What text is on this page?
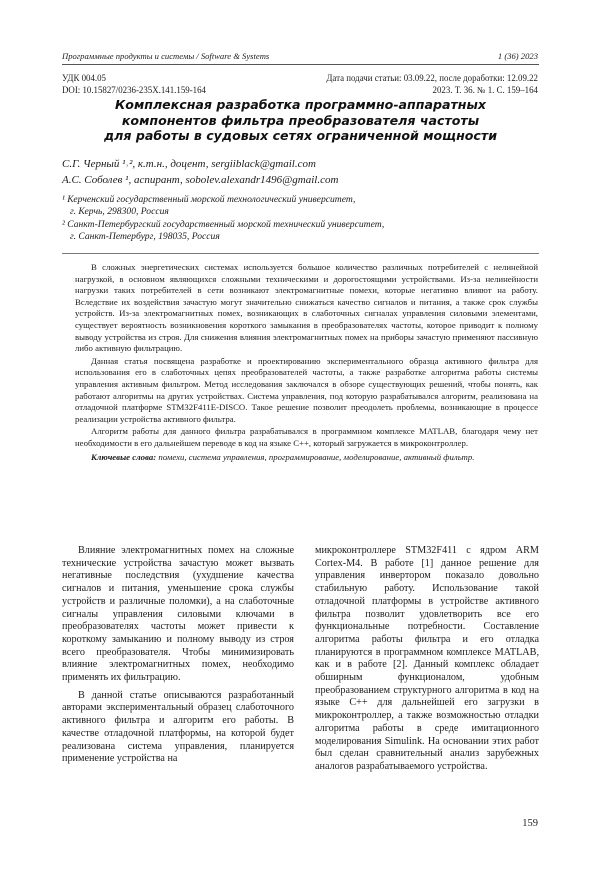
Программные продукты и системы / Software & Systems	1 (36) 2023
УДК 004.05
DOI: 10.15827/0236-235X.141.159-164
Дата подачи статьи: 03.09.22, после доработки: 12.09.22
2023. Т. 36. № 1. С. 159–164
Комплексная разработка программно-аппаратных
компонентов фильтра преобразователя частоты
для работы в судовых сетях ограниченной мощности
С.Г. Черный ¹˒², к.т.н., доцент, sergiiblack@gmail.com
А.С. Соболев ¹, аспирант, sobolev.alexandr1496@gmail.com
¹ Керченский государственный морской технологический университет,
г. Керчь, 298300, Россия
² Санкт-Петербургский государственный морской технический университет,
г. Санкт-Петербург, 198035, Россия

В сложных энергетических системах используется большое количество различных потребителей с нелинейной нагрузкой, в основном являющихся сложными техническими и дорогостоящими устройствами. Из-за нелинейности нагрузки таких потребителей в сети возникают электромагнитные помехи, которые негативно влияют на работу. Вследствие их воздействия зачастую могут значительно снижаться качество сигналов и питания, а также срок службы устройств. Из-за электромагнитных помех, возникающих в слаботочных сигналах управления силовыми элементами, существует вероятность возникновения короткого замыкания в преобразователях частоты, которое приводит к полному выводу устройства из строя. Для снижения влияния электромагнитных помех на приборы зачастую применяют пассивную либо активную фильтрацию.

Данная статья посвящена разработке и проектированию экспериментального образца активного фильтра для использования его в слаботочных цепях преобразователей частоты, а также разработке алгоритма работы системы управления активным фильтром. Метод исследования заключался в обзоре существующих решений, чтобы понять, как работают алгоритмы на других устройствах. Система управления, под которую разрабатывался алгоритм, реализована на отладочной платформе STM32F411E-DISCO. Такое решение позволит преодолеть проблемы, возникающие в процессе реализации устройства активного фильтра.

Алгоритм работы для данного фильтра разрабатывался в программном комплексе MATLAB, благодаря чему нет необходимости в его дальнейшем переводе в код на языке C++, который загружается в микроконтроллер.

Ключевые слова: помехи, система управления, программирование, моделирование, активный фильтр.

Влияние электромагнитных помех на сложные технические устройства зачастую может вызвать негативные последствия (ухудшение качества сигналов и питания, уменьшение срока службы устройств и различные поломки), а на слаботочные сигналы управления силовыми ключами в преобразователях частоты может привести к короткому замыканию и полному выводу из строя всего преобразователя. Чтобы минимизировать влияние электромагнитных помех, необходимо применять их фильтрацию.

В данной статье описываются разработанный авторами экспериментальный образец слаботочного активного фильтра и алгоритм его работы. В качестве отладочной платформы, на которой будет реализована система управления, планируется применение устройства на

микроконтроллере STM32F411 с ядром ARM Cortex-M4. В работе [1] данное решение для управления инвертором показало довольно стабильную работу. Использование такой отладочной платформы в устройстве активного фильтра позволит удовлетворить все его функциональные потребности. Составление алгоритма работы фильтра и его отладка планируются в программном комплексе MATLAB, как и в работе [2]. Данный комплекс обладает обширным функционалом, удобным преобразованием структурного алгоритма в код на языке C++ для дальнейшей его загрузки в микроконтроллер, а также возможностью отладки алгоритма работы в среде имитационного моделирования Simulink. На основании этих работ был сделан сравнительный анализ зарубежных аналогов разрабатываемого устройства.

159
